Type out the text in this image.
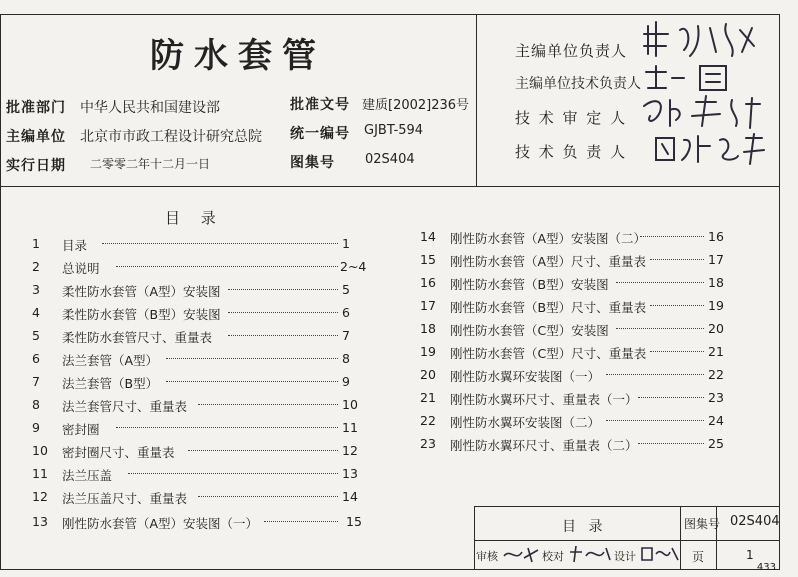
防水套管
批准部门 中华人民共和国建设部
主编单位 北京市市政工程设计研究总院
实行日期 二零零二年十二月一日
批准文号 建质[2002]236号
统一编号 GJBT-594
图集号 02S404
主编单位负责人
主编单位技术负责人
技 术 审 定 人
技 术 负 责 人
目 录
1	目录	1
2	总说明	2~4
3	柔性防水套管（A型）安装图	5
4	柔性防水套管（B型）安装图	6
5	柔性防水套管尺寸、重量表	7
6	法兰套管（A型）	8
7	法兰套管（B型）	9
8	法兰套管尺寸、重量表	10
9	密封圈	11
10	密封圈尺寸、重量表	12
11	法兰压盖	13
12	法兰压盖尺寸、重量表	14
13	刚性防水套管（A型）安装图（一）	15
14	刚性防水套管（A型）安装图（二）	16
15	刚性防水套管（A型）尺寸、重量表	17
16	刚性防水套管（B型）安装图	18
17	刚性防水套管（B型）尺寸、重量表	19
18	刚性防水套管（C型）安装图	20
19	刚性防水套管（C型）尺寸、重量表	21
20	刚性防水翼环安装图（一）	22
21	刚性防水翼环尺寸、重量表（一）	23
22	刚性防水翼环安装图（二）	24
23	刚性防水翼环尺寸、重量表（二）	25
目 录	图集号 02S404
审核	校对	设计	页	1
433
